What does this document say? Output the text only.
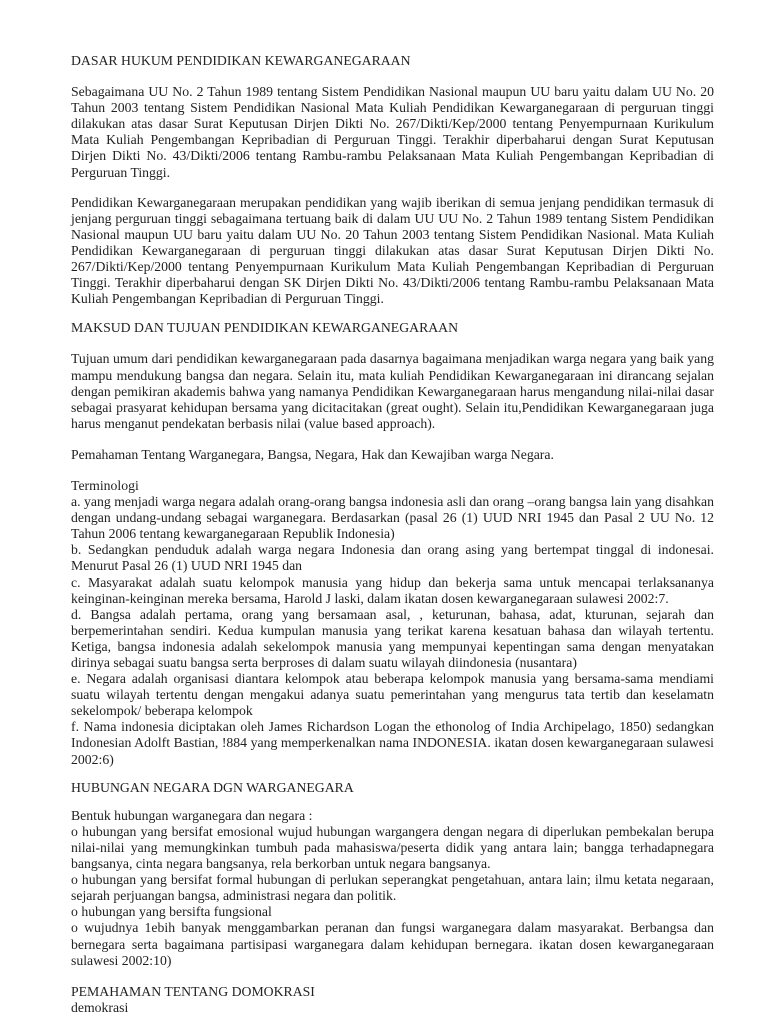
DASAR HUKUM PENDIDIKAN KEWARGANEGARAAN
Sebagaimana UU No. 2 Tahun 1989 tentang Sistem Pendidikan Nasional maupun UU baru yaitu dalam UU No. 20 Tahun 2003 tentang Sistem Pendidikan Nasional Mata Kuliah Pendidikan Kewarganegaraan di perguruan tinggi dilakukan atas dasar Surat Keputusan Dirjen Dikti No. 267/Dikti/Kep/2000 tentang Penyempurnaan Kurikulum Mata Kuliah Pengembangan Kepribadian di Perguruan Tinggi. Terakhir diperbaharui dengan Surat Keputusan Dirjen Dikti No. 43/Dikti/2006 tentang Rambu-rambu Pelaksanaan Mata Kuliah Pengembangan Kepribadian di Perguruan Tinggi.
Pendidikan Kewarganegaraan merupakan pendidikan yang wajib iberikan di semua jenjang pendidikan termasuk di jenjang perguruan tinggi sebagaimana tertuang baik di dalam UU UU No. 2 Tahun 1989 tentang Sistem Pendidikan Nasional maupun UU baru yaitu dalam UU No. 20 Tahun 2003 tentang Sistem Pendidikan Nasional. Mata Kuliah Pendidikan Kewarganegaraan di perguruan tinggi dilakukan atas dasar Surat Keputusan Dirjen Dikti No. 267/Dikti/Kep/2000 tentang Penyempurnaan Kurikulum Mata Kuliah Pengembangan Kepribadian di Perguruan Tinggi. Terakhir diperbaharui dengan SK Dirjen Dikti No. 43/Dikti/2006 tentang Rambu-rambu Pelaksanaan Mata Kuliah Pengembangan Kepribadian di Perguruan Tinggi.
MAKSUD DAN TUJUAN PENDIDIKAN KEWARGANEGARAAN
Tujuan umum dari pendidikan kewarganegaraan pada dasarnya bagaimana menjadikan warga negara yang baik yang mampu mendukung bangsa dan negara. Selain itu, mata kuliah Pendidikan Kewarganegaraan ini dirancang sejalan dengan pemikiran akademis bahwa yang namanya Pendidikan Kewarganegaraan harus mengandung nilai-nilai dasar sebagai prasyarat kehidupan bersama yang dicitacitakan (great ought). Selain itu,Pendidikan Kewarganegaraan juga harus menganut pendekatan berbasis nilai (value based approach).
Pemahaman Tentang Warganegara, Bangsa, Negara, Hak dan Kewajiban warga Negara.
Terminologi
a. yang menjadi warga negara adalah orang-orang bangsa indonesia asli dan orang –orang bangsa lain yang disahkan dengan undang-undang sebagai warganegara. Berdasarkan (pasal 26 (1) UUD NRI 1945 dan Pasal 2 UU No. 12 Tahun 2006 tentang kewarganegaraan Republik Indonesia)
b. Sedangkan penduduk adalah warga negara Indonesia dan orang asing yang bertempat tinggal di indonesai. Menurut Pasal 26 (1) UUD NRI 1945 dan
c. Masyarakat adalah suatu kelompok manusia yang hidup dan bekerja sama untuk mencapai terlaksananya keinginan-keinginan mereka bersama, Harold J laski, dalam ikatan dosen kewarganegaraan sulawesi 2002:7.
d. Bangsa adalah pertama, orang yang bersamaan asal, , keturunan, bahasa, adat, kturunan, sejarah dan berpemerintahan sendiri. Kedua kumpulan manusia yang terikat karena kesatuan bahasa dan wilayah tertentu. Ketiga, bangsa indonesia adalah sekelompok manusia yang mempunyai kepentingan sama dengan menyatakan dirinya sebagai suatu bangsa serta berproses di dalam suatu wilayah diindonesia (nusantara)
e. Negara adalah organisasi diantara kelompok atau beberapa kelompok manusia yang bersama-sama mendiami suatu wilayah tertentu dengan mengakui adanya suatu pemerintahan yang mengurus tata tertib dan keselamatn sekelompok/ beberapa kelompok
f. Nama indonesia diciptakan oleh James Richardson Logan the ethonolog of India Archipelago, 1850) sedangkan Indonesian Adolft Bastian, !884 yang memperkenalkan nama INDONESIA. ikatan dosen kewarganegaraan sulawesi 2002:6)
HUBUNGAN NEGARA DGN WARGANEGARA
Bentuk hubungan warganegara dan negara :
o hubungan yang bersifat emosional wujud hubungan wargangera dengan negara di diperlukan pembekalan berupa nilai-nilai yang memungkinkan tumbuh pada mahasiswa/peserta didik yang antara lain; bangga terhadapnegara bangsanya, cinta negara bangsanya, rela berkorban untuk negara bangsanya.
o hubungan yang bersifat formal hubungan di perlukan seperangkat pengetahuan, antara lain; ilmu ketata negaraan, sejarah perjuangan bangsa, administrasi negara dan politik.
o hubungan yang bersifta fungsional
o wujudnya 1ebih banyak menggambarkan peranan dan fungsi warganegara dalam masyarakat. Berbangsa dan bernegara serta bagaimana partisipasi warganegara dalam kehidupan bernegara. ikatan dosen kewarganegaraan sulawesi 2002:10)
PEMAHAMAN TENTANG DOMOKRASI
demokrasi
